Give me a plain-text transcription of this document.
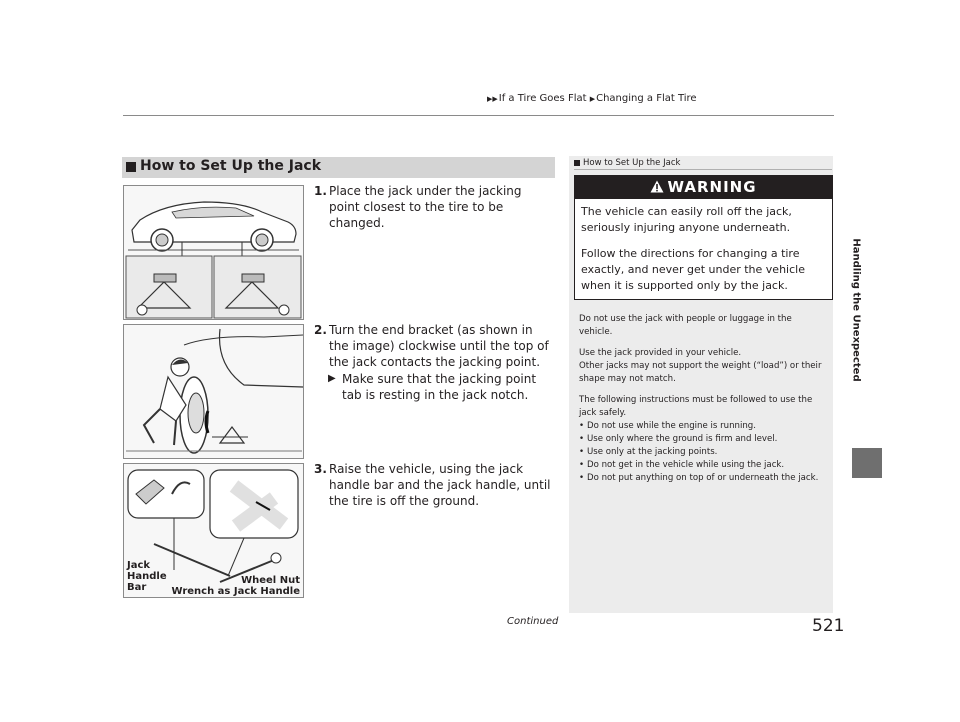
▶▶If a Tire Goes Flat ▶Changing a Flat Tire
How to Set Up the Jack
Jack
Handle
Bar
Wheel Nut
Wrench as Jack Handle
1. Place the jack under the jacking point closest to the tire to be changed.
2. Turn the end bracket (as shown in the image) clockwise until the top of the jack contacts the jacking point.
▶ Make sure that the jacking point tab is resting in the jack notch.
3. Raise the vehicle, using the jack handle bar and the jack handle, until the tire is off the ground.
How to Set Up the Jack
WARNING
The vehicle can easily roll off the jack, seriously injuring anyone underneath.
Follow the directions for changing a tire exactly, and never get under the vehicle when it is supported only by the jack.

Do not use the jack with people or luggage in the vehicle.

Use the jack provided in your vehicle.
Other jacks may not support the weight (“load”) or their shape may not match.

The following instructions must be followed to use the jack safely.

• Do not use while the engine is running.
• Use only where the ground is firm and level.
• Use only at the jacking points.
• Do not get in the vehicle while using the jack.
• Do not put anything on top of or underneath the jack.
Handling the Unexpected
Continued	521
